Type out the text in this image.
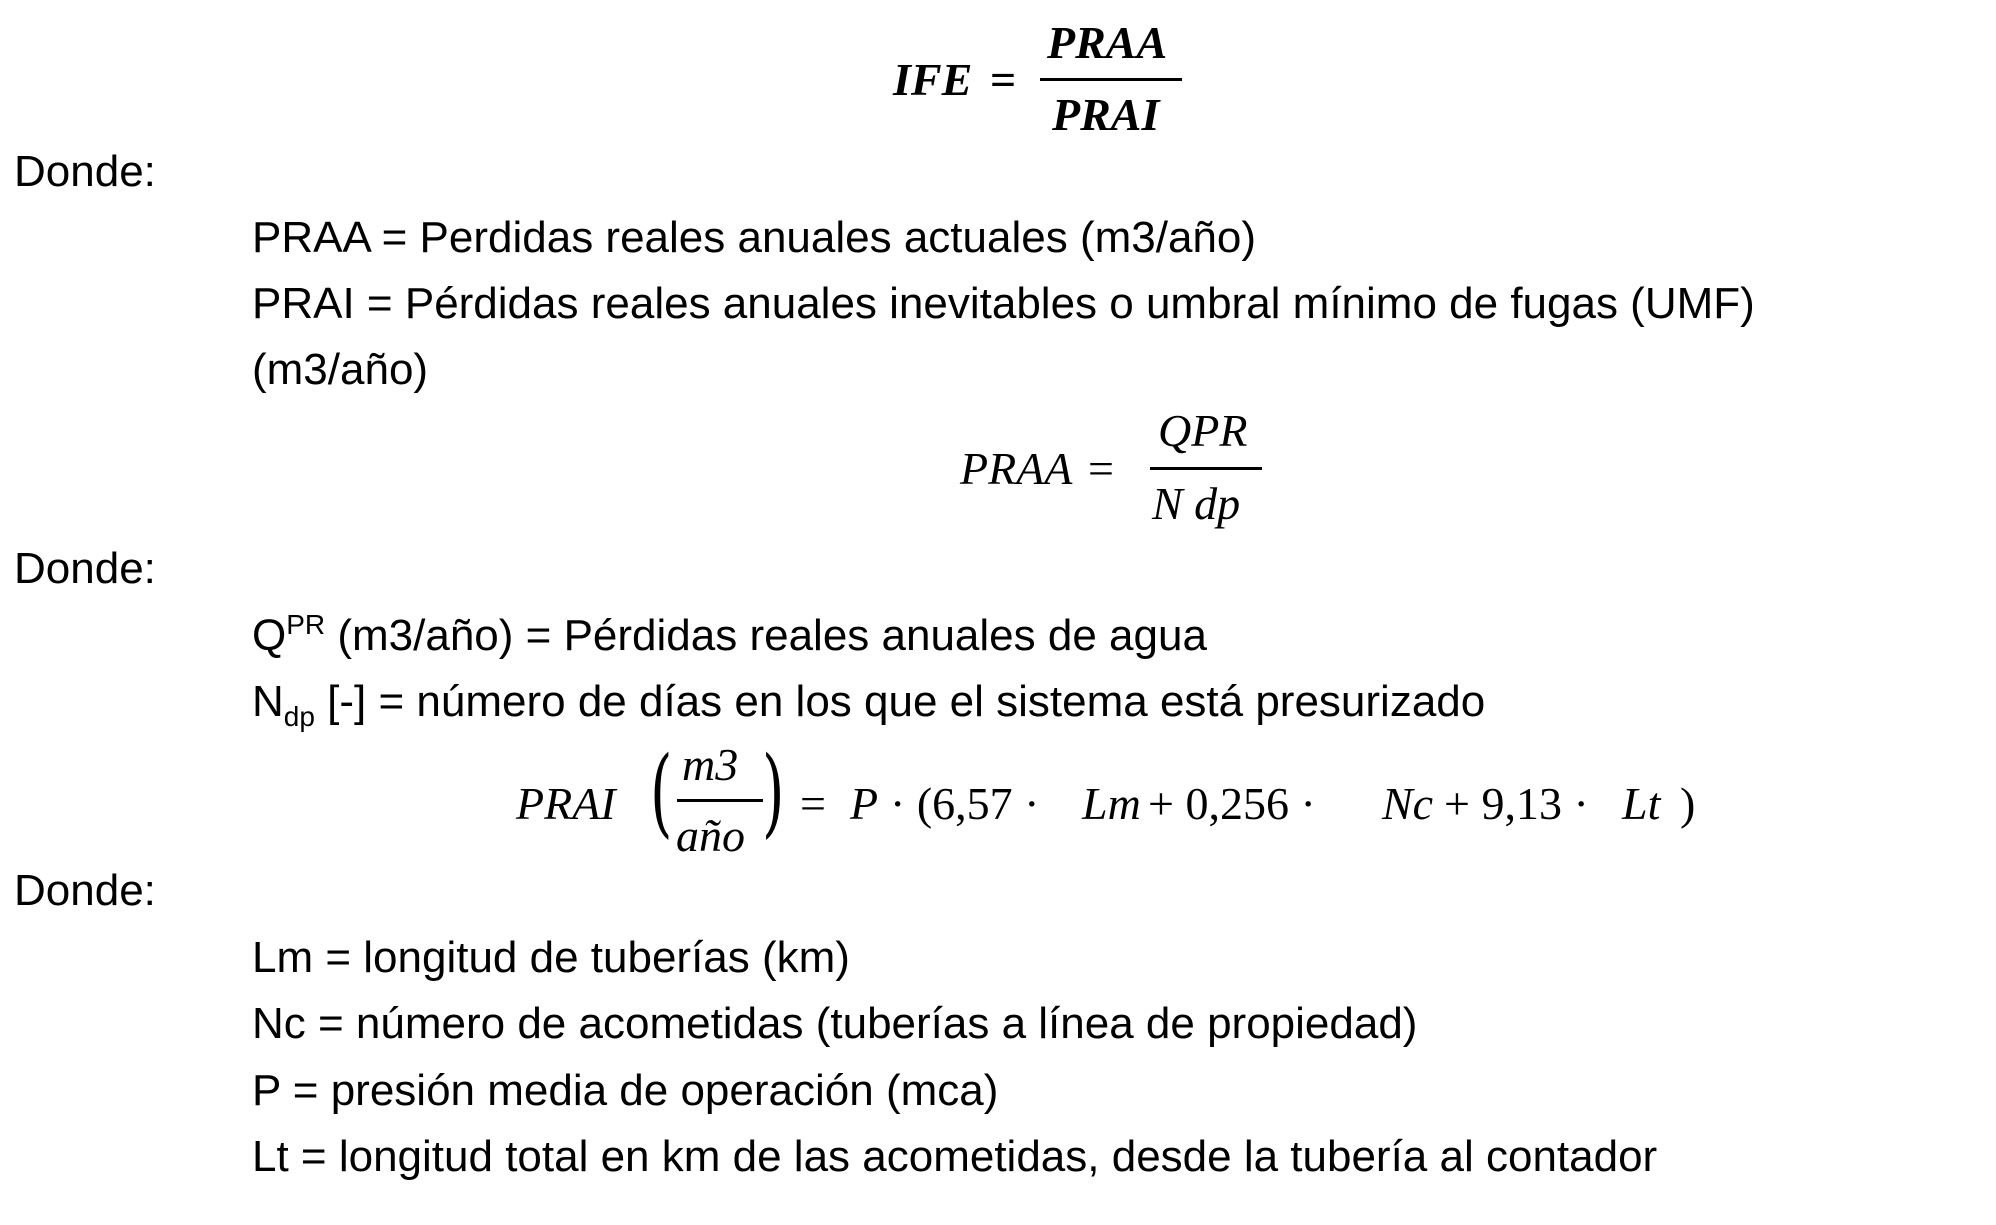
IFE =
PRAA
PRAI
Donde:
PRAA = Perdidas reales anuales actuales (m3/año)
PRAI = Pérdidas reales anuales inevitables o umbral mínimo de fugas (UMF)
(m3/año)
PRAA =
QPR
N dp
Donde:
$Q^{PR}$ (m3/año) = Pérdidas reales anuales de agua
$N_{dp}$ [-] = número de días en los que el sistema está presurizado
PRAI ( m3
año ) = P · (6,57 · Lm + 0,256 · Nc + 9,13 · Lt )
Donde:
Lm = longitud de tuberías (km)
Nc = número de acometidas (tuberías a línea de propiedad)
P = presión media de operación (mca)
Lt = longitud total en km de las acometidas, desde la tubería al contador
